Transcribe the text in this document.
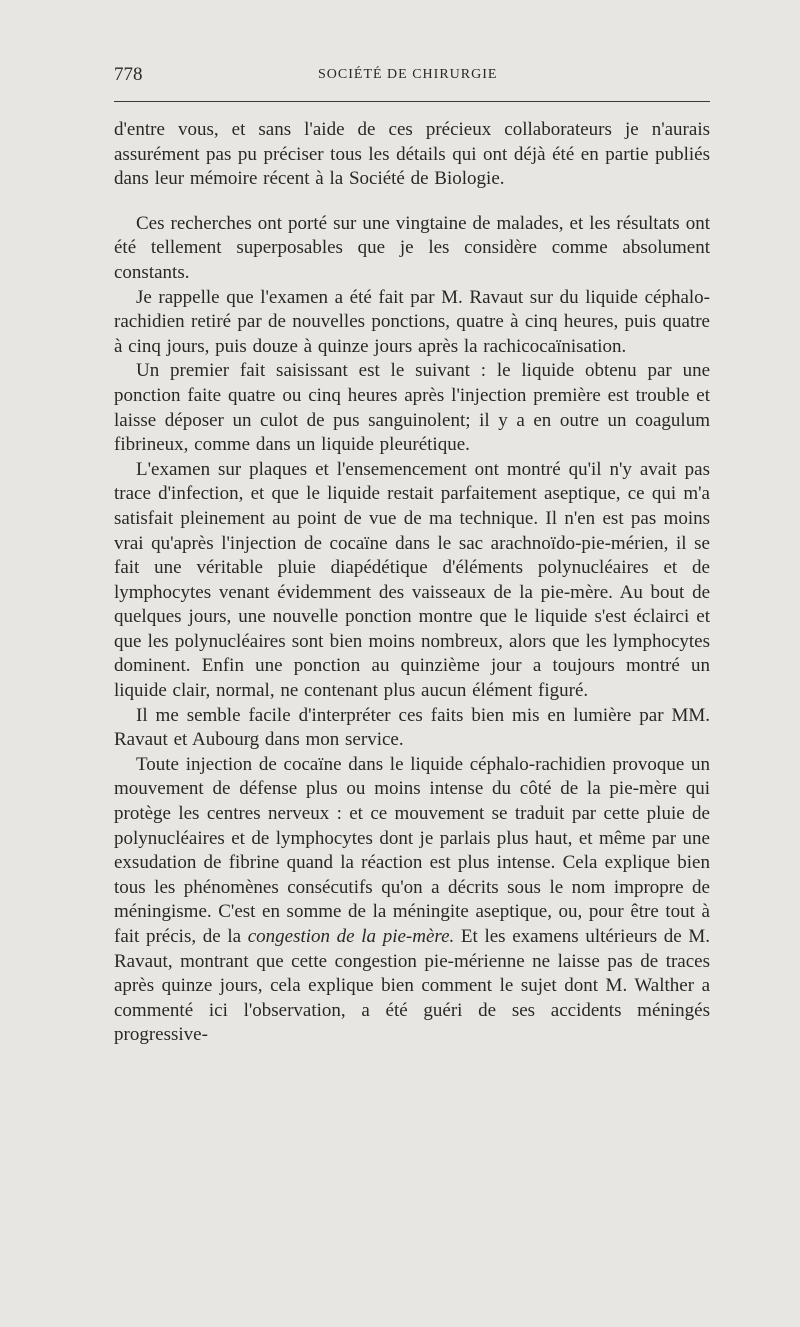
778	SOCIÉTÉ DE CHIRURGIE

d'entre vous, et sans l'aide de ces précieux collaborateurs je n'aurais assurément pas pu préciser tous les détails qui ont déjà été en partie publiés dans leur mémoire récent à la Société de Biologie.

Ces recherches ont porté sur une vingtaine de malades, et les résultats ont été tellement superposables que je les considère comme absolument constants.

Je rappelle que l'examen a été fait par M. Ravaut sur du liquide céphalo-rachidien retiré par de nouvelles ponctions, quatre à cinq heures, puis quatre à cinq jours, puis douze à quinze jours après la rachicocaïnisation.

Un premier fait saisissant est le suivant : le liquide obtenu par une ponction faite quatre ou cinq heures après l'injection première est trouble et laisse déposer un culot de pus sanguinolent; il y a en outre un coagulum fibrineux, comme dans un liquide pleurétique.

L'examen sur plaques et l'ensemencement ont montré qu'il n'y avait pas trace d'infection, et que le liquide restait parfaitement aseptique, ce qui m'a satisfait pleinement au point de vue de ma technique. Il n'en est pas moins vrai qu'après l'injection de cocaïne dans le sac arachnoïdo-pie-mérien, il se fait une véritable pluie diapédétique d'éléments polynucléaires et de lymphocytes venant évidemment des vaisseaux de la pie-mère. Au bout de quelques jours, une nouvelle ponction montre que le liquide s'est éclairci et que les polynucléaires sont bien moins nombreux, alors que les lymphocytes dominent. Enfin une ponction au quinzième jour a toujours montré un liquide clair, normal, ne contenant plus aucun élément figuré.

Il me semble facile d'interpréter ces faits bien mis en lumière par MM. Ravaut et Aubourg dans mon service.

Toute injection de cocaïne dans le liquide céphalo-rachidien provoque un mouvement de défense plus ou moins intense du côté de la pie-mère qui protège les centres nerveux : et ce mouvement se traduit par cette pluie de polynucléaires et de lymphocytes dont je parlais plus haut, et même par une exsudation de fibrine quand la réaction est plus intense. Cela explique bien tous les phénomènes consécutifs qu'on a décrits sous le nom impropre de méningisme. C'est en somme de la méningite aseptique, ou, pour être tout à fait précis, de la congestion de la pie-mère. Et les examens ultérieurs de M. Ravaut, montrant que cette congestion pie-mérienne ne laisse pas de traces après quinze jours, cela explique bien comment le sujet dont M. Walther a commenté ici l'observation, a été guéri de ses accidents méningés progressive-
